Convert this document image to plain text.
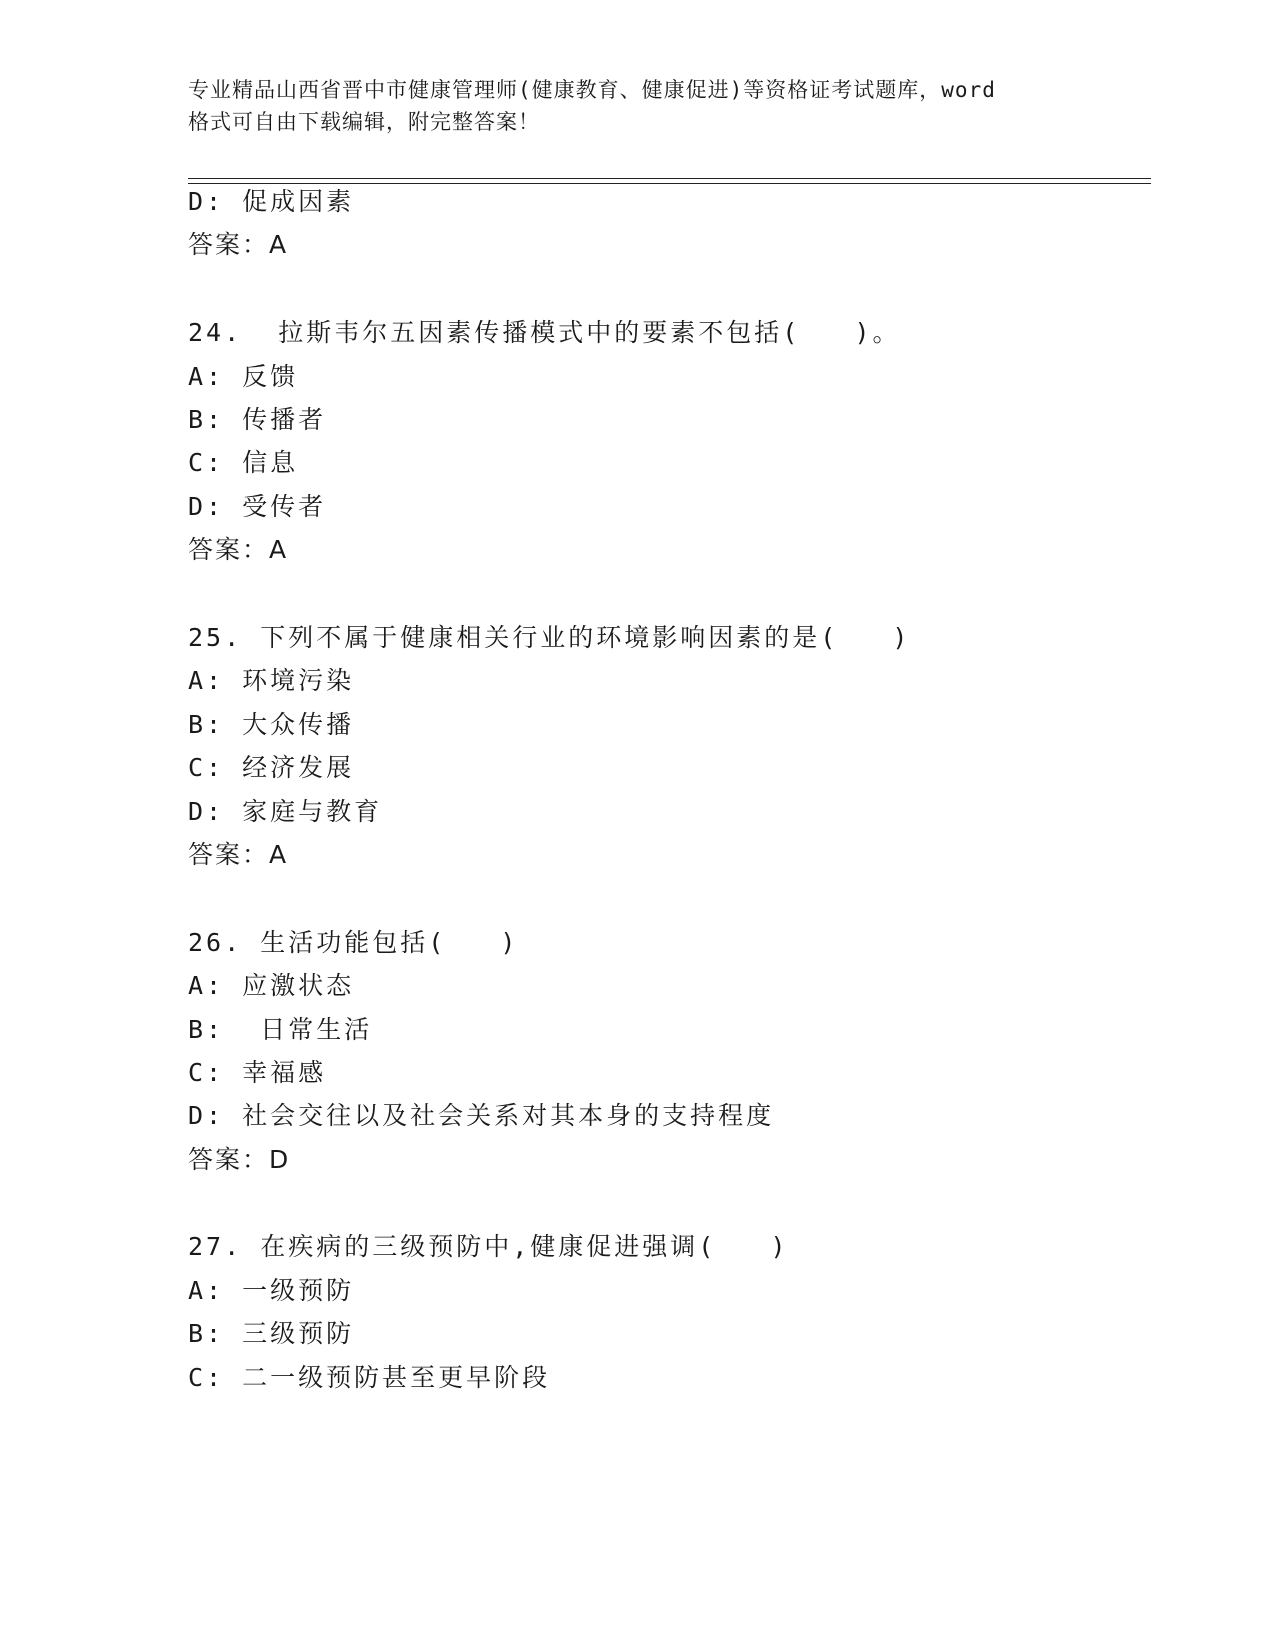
专业精品山西省晋中市健康管理师(健康教育、健康促进)等资格证考试题库，word
格式可自由下载编辑，附完整答案！
D: 促成因素
答案：A
24.  拉斯韦尔五因素传播模式中的要素不包括(   )。
A: 反馈
B: 传播者
C: 信息
D: 受传者
答案：A
25. 下列不属于健康相关行业的环境影响因素的是(   )
A: 环境污染
B: 大众传播
C: 经济发展
D: 家庭与教育
答案：A
26. 生活功能包括(   )
A: 应激状态
B:  日常生活
C: 幸福感
D: 社会交往以及社会关系对其本身的支持程度
答案：D
27. 在疾病的三级预防中,健康促进强调(   )
A: 一级预防
B: 三级预防
C: 二一级预防甚至更早阶段
